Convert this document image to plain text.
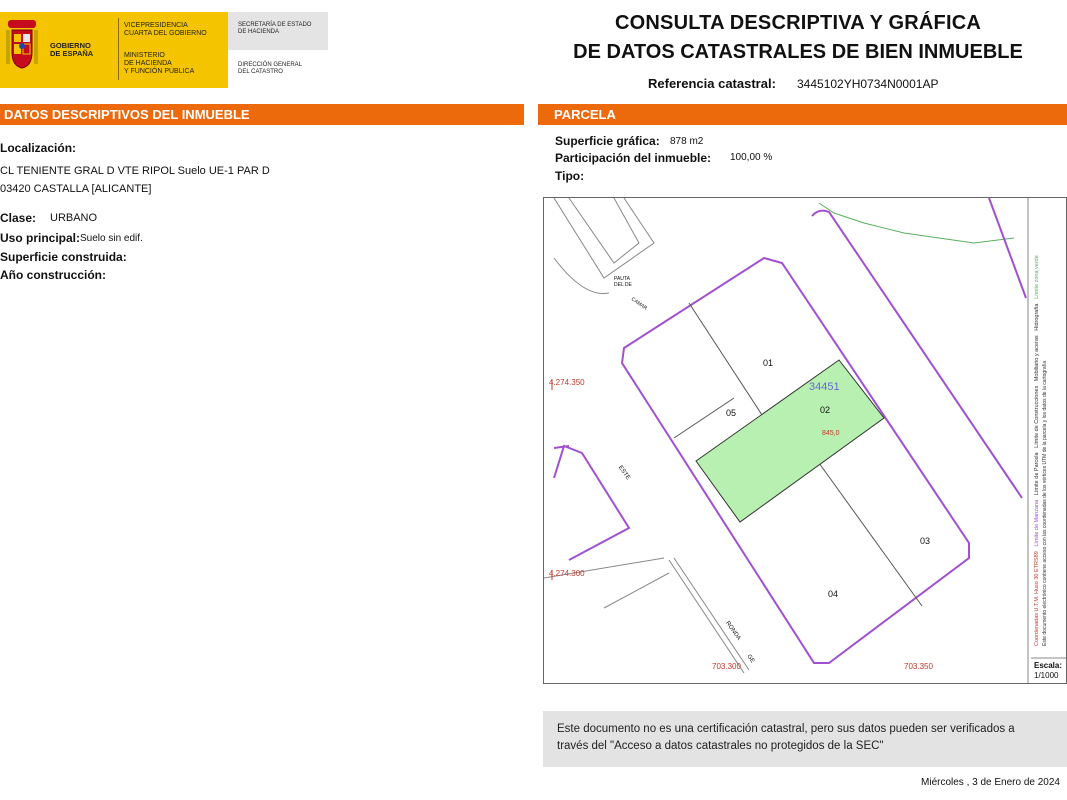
GOBIERNO
DE ESPAÑA
VICEPRESIDENCIA
CUARTA DEL GOBIERNO
MINISTERIO
DE HACIENDA
Y FUNCIÓN PÚBLICA
SECRETARÍA DE ESTADO
DE HACIENDA
DIRECCIÓN GENERAL
DEL CATASTRO
CONSULTA DESCRIPTIVA Y GRÁFICA
DE DATOS CATASTRALES DE BIEN INMUEBLE
Referencia catastral: 3445102YH0734N0001AP
DATOS DESCRIPTIVOS DEL INMUEBLE
Localización:
CL TENIENTE GRAL D VTE RIPOL Suelo UE-1 PAR D
03420 CASTALLA [ALICANTE]
Clase: URBANO
Uso principal: Suelo sin edif.
Superficie construida:
Año construcción:
PARCELA
Superficie gráfica: 878 m2
Participación del inmueble: 100,00 %
Tipo:
4.274.350
4.274.300
703.300	703.350
34451
01
02
03
04
05
845,0
PAUTA
DEL DE
CAMAR
ESTE
RONDA
GE
Coordenadas U.T.M. Huso 30 ETRS89   Límite de Manzana   Límite de Parcela   Límite de Construcciones   Mobiliario y aceras   Hidrografía   Límite zona verde
Este documento electrónico contiene acceso con las coordenadas de los vértices UTM de la parcela y los datos de la cartografía
Escala:
1/1000
Este documento no es una certificación catastral, pero sus datos pueden ser verificados a
través del "Acceso a datos catastrales no protegidos de la SEC"
Miércoles , 3 de Enero de 2024
